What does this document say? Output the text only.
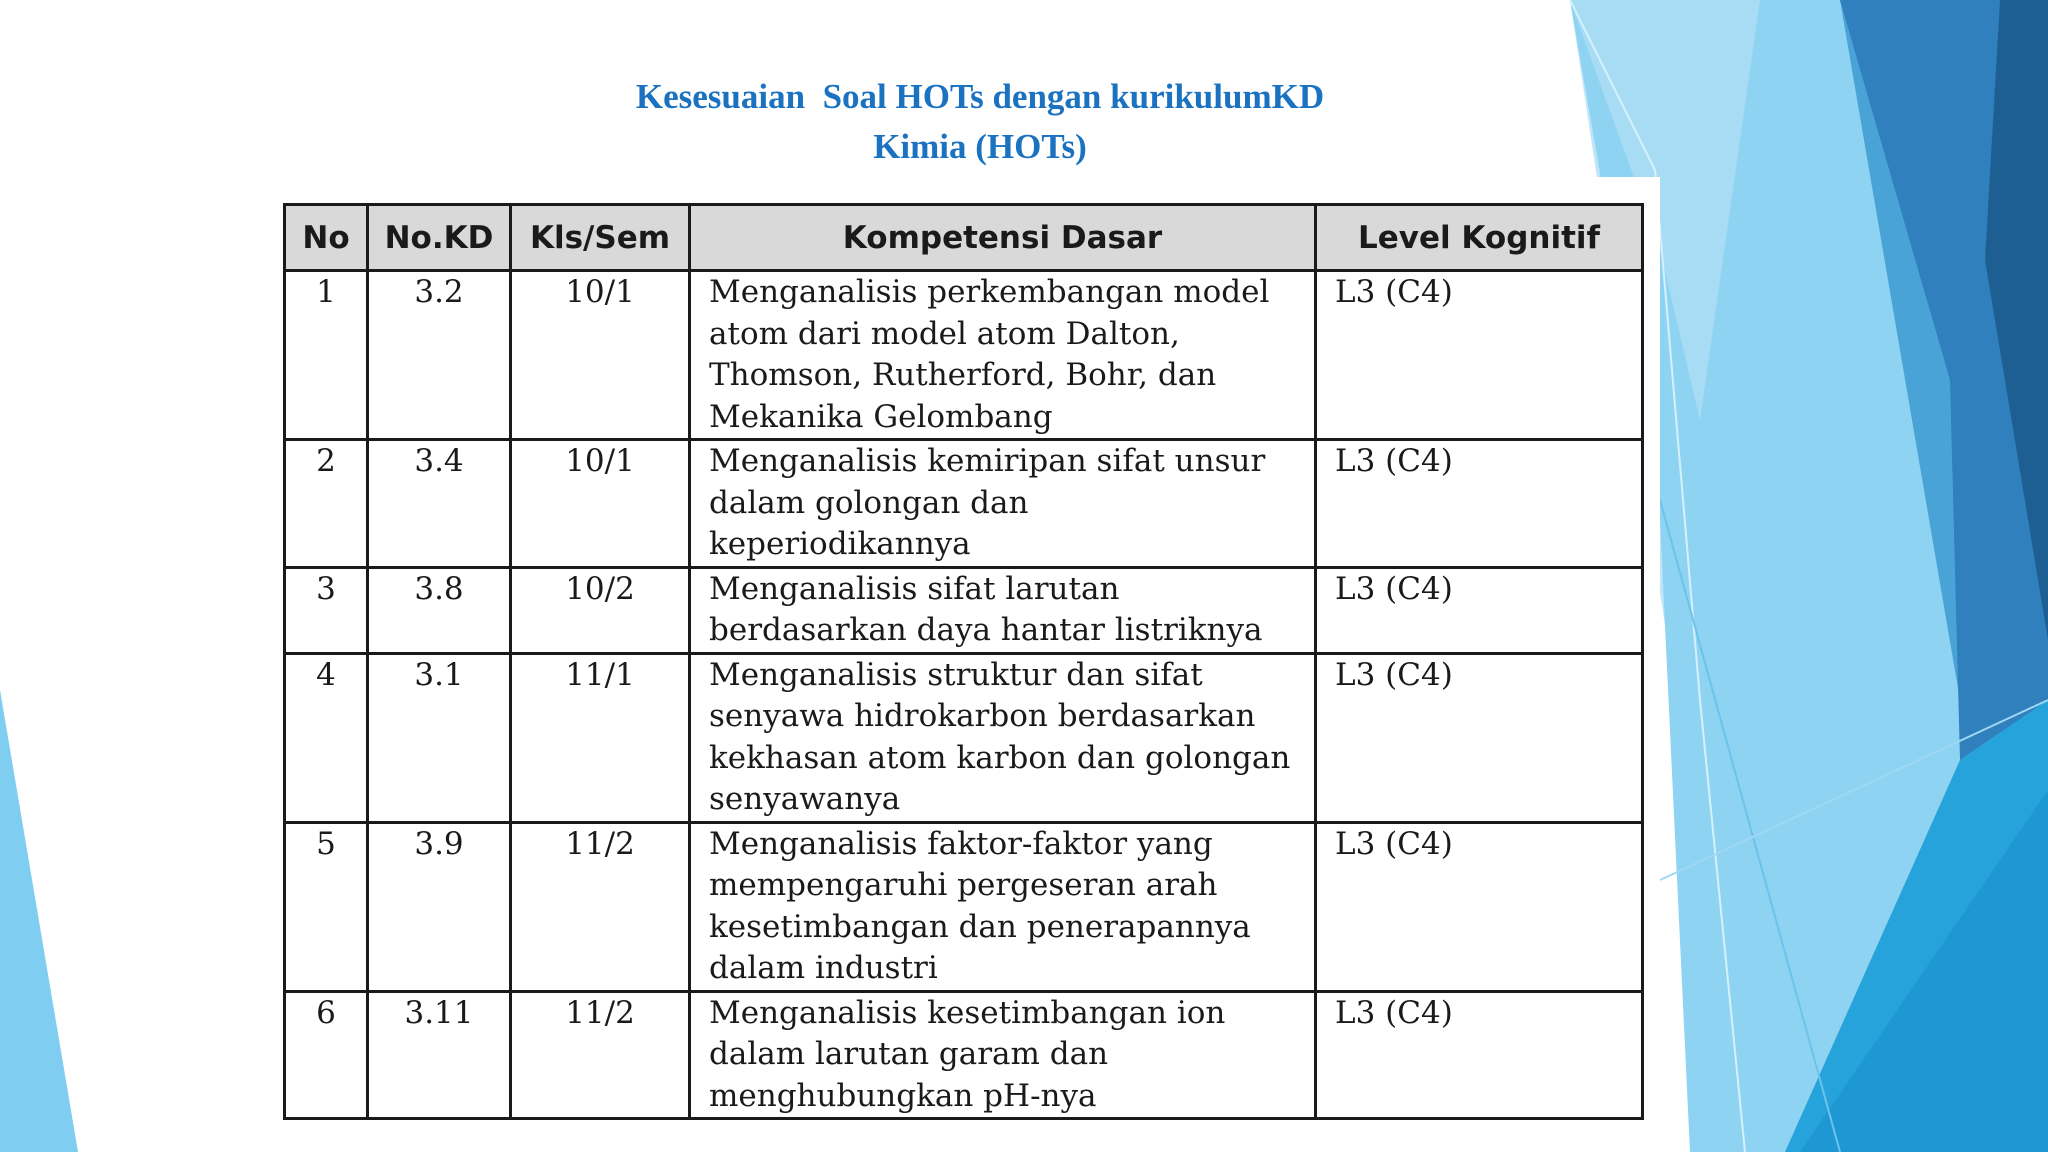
Kesesuaian  Soal HOTs dengan kurikulumKD
Kimia (HOTs)
No	No.KD	Kls/Sem	Kompetensi Dasar	Level Kognitif
1	3.2	10/1	Menganalisis perkembangan model
atom dari model atom Dalton,
Thomson, Rutherford, Bohr, dan
Mekanika Gelombang	L3 (C4)
2	3.4	10/1	Menganalisis kemiripan sifat unsur
dalam golongan dan
keperiodikannya	L3 (C4)
3	3.8	10/2	Menganalisis sifat larutan
berdasarkan daya hantar listriknya	L3 (C4)
4	3.1	11/1	Menganalisis struktur dan sifat
senyawa hidrokarbon berdasarkan
kekhasan atom karbon dan golongan
senyawanya	L3 (C4)
5	3.9	11/2	Menganalisis faktor-faktor yang
mempengaruhi pergeseran arah
kesetimbangan dan penerapannya
dalam industri	L3 (C4)
6	3.11	11/2	Menganalisis kesetimbangan ion
dalam larutan garam dan
menghubungkan pH-nya	L3 (C4)
